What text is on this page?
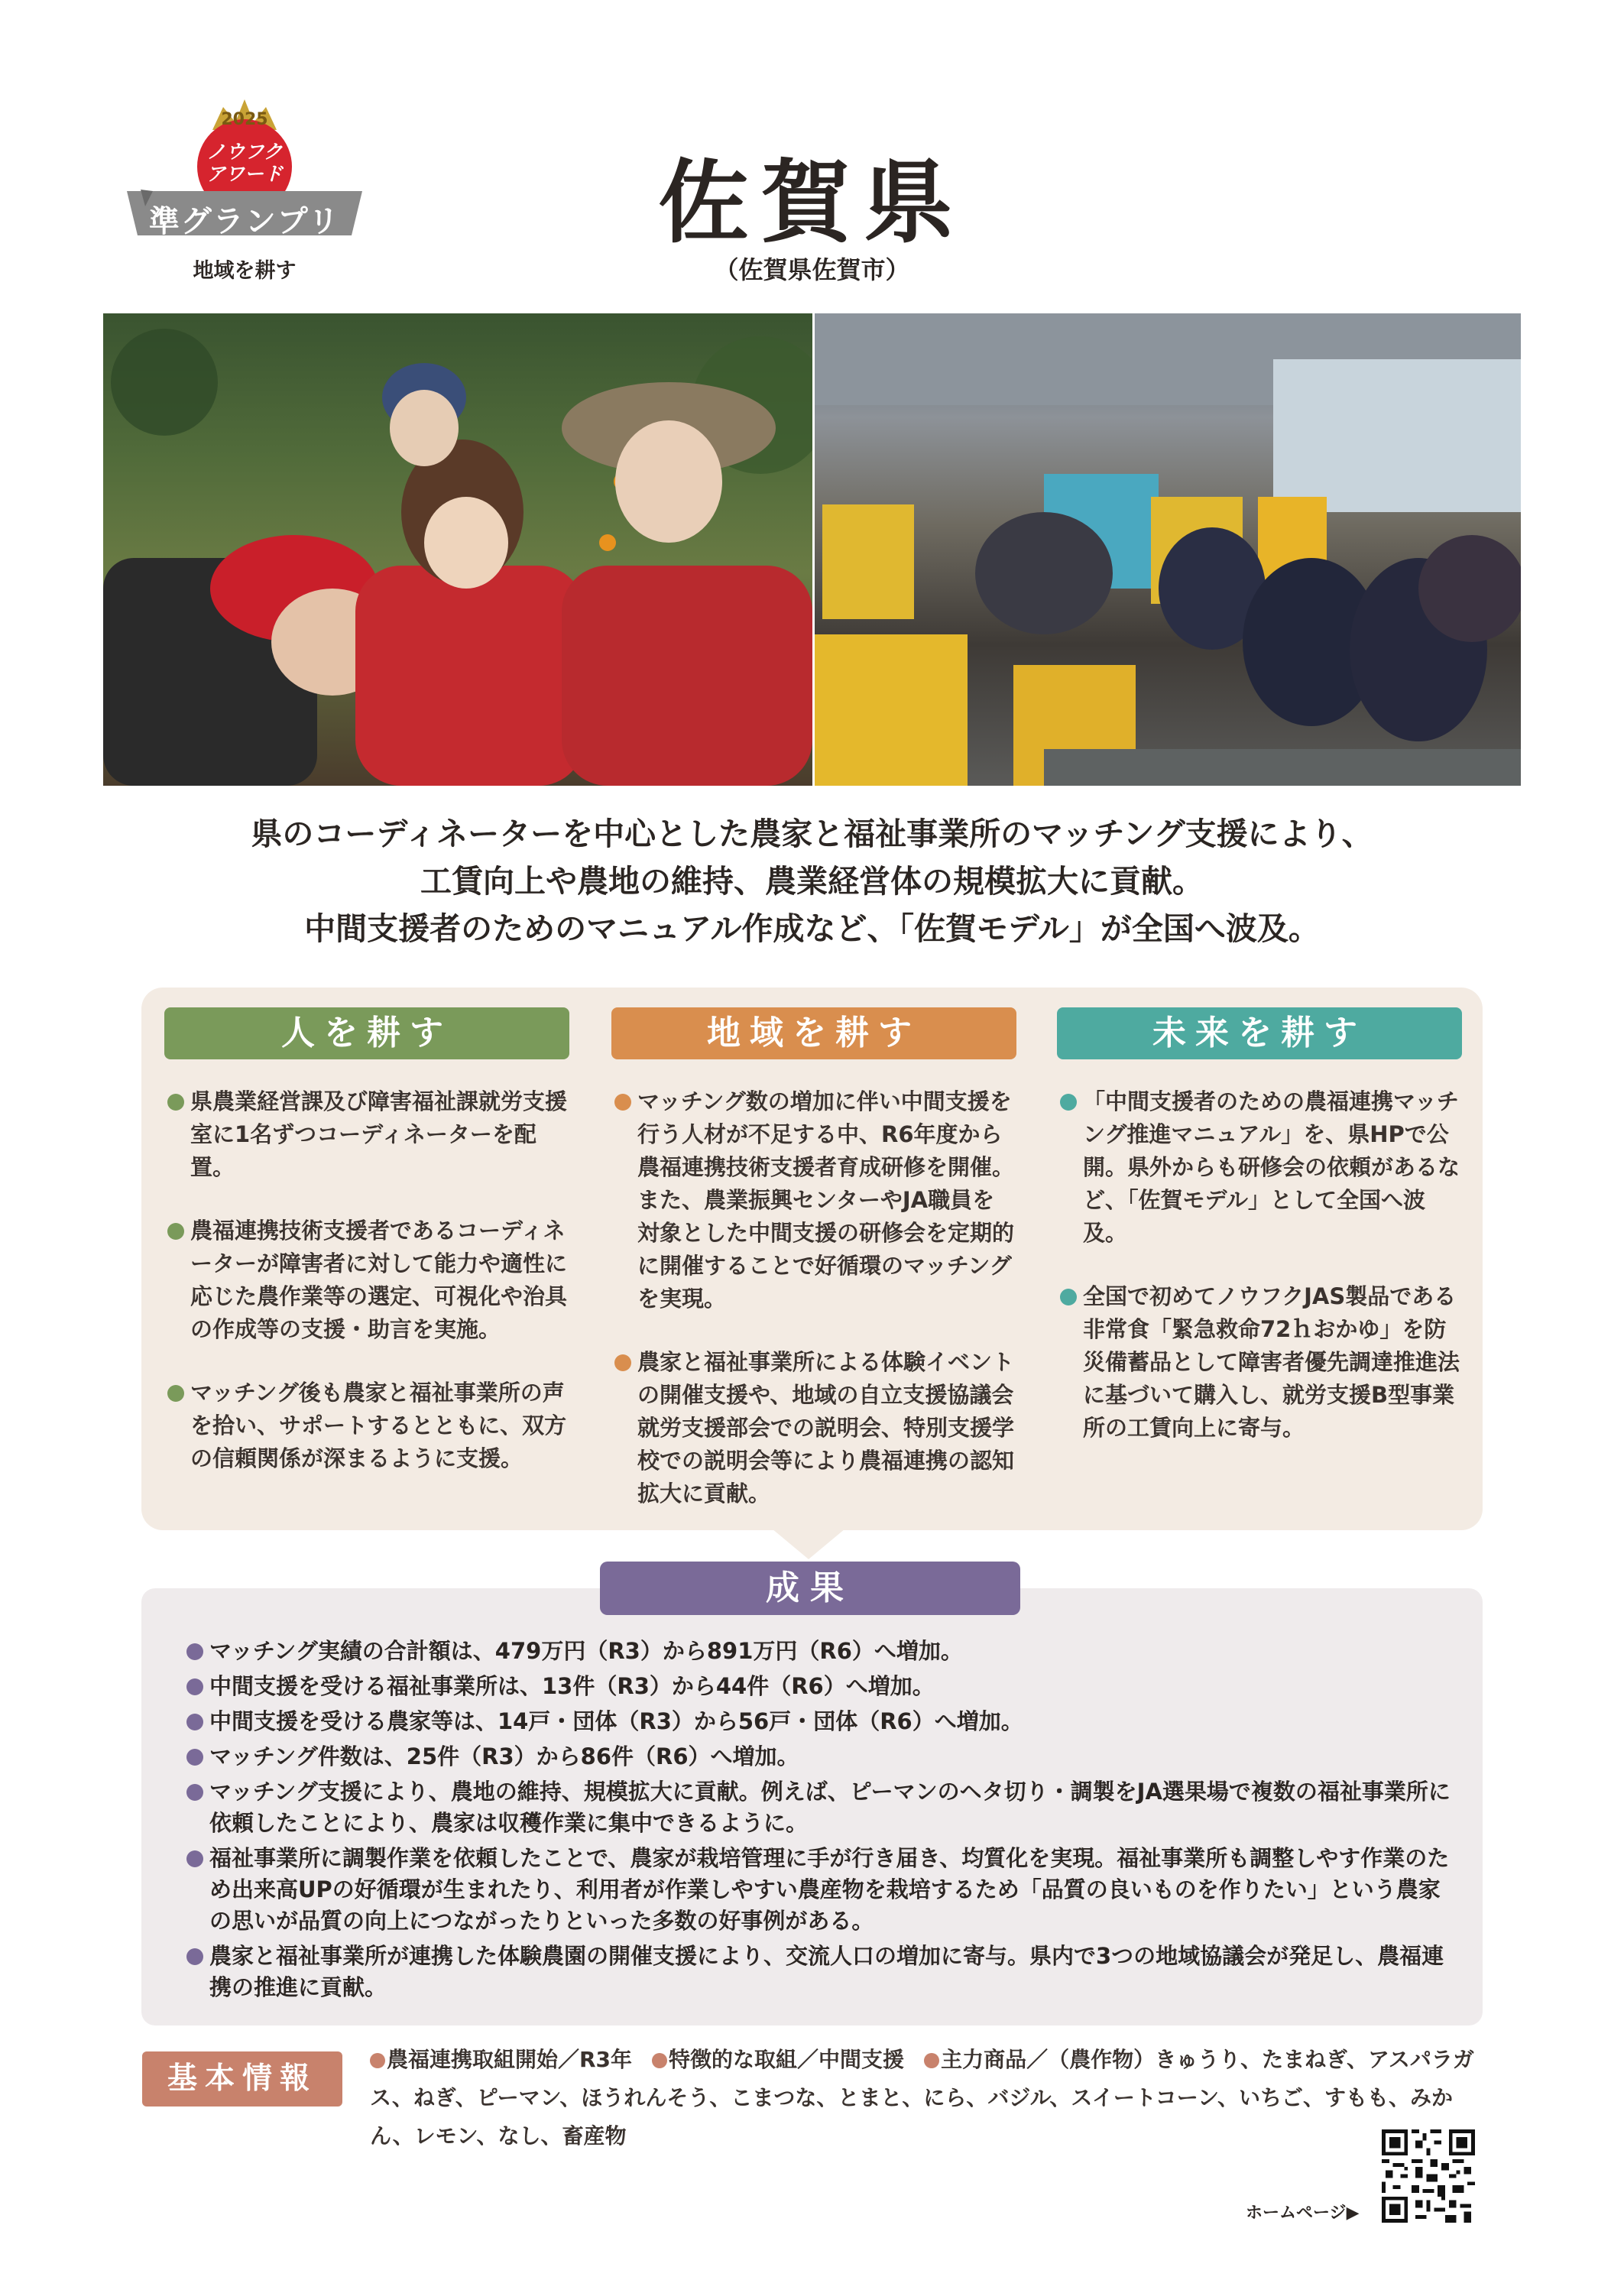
2025
ノウフク
アワード
準グランプリ
地域を耕す
佐賀県
（佐賀県佐賀市）
県のコーディネーターを中心とした農家と福祉事業所のマッチング支援により、
工賃向上や農地の維持、農業経営体の規模拡大に貢献。
中間支援者のためのマニュアル作成など、「佐賀モデル」が全国へ波及。
人を耕す
県農業経営課及び障害福祉課就労支援室に1名ずつコーディネーターを配置。
農福連携技術支援者であるコーディネーターが障害者に対して能力や適性に応じた農作業等の選定、可視化や治具の作成等の支援・助言を実施。
マッチング後も農家と福祉事業所の声を拾い、サポートするとともに、双方の信頼関係が深まるように支援。
地域を耕す
マッチング数の増加に伴い中間支援を行う人材が不足する中、R6年度から農福連携技術支援者育成研修を開催。また、農業振興センターやJA職員を対象とした中間支援の研修会を定期的に開催することで好循環のマッチングを実現。
農家と福祉事業所による体験イベントの開催支援や、地域の自立支援協議会就労支援部会での説明会、特別支援学校での説明会等により農福連携の認知拡大に貢献。
未来を耕す
「中間支援者のための農福連携マッチング推進マニュアル」を、県HPで公開。県外からも研修会の依頼があるなど、「佐賀モデル」として全国へ波及。
全国で初めてノウフクJAS製品である非常食「緊急救命72ｈおかゆ」を防災備蓄品として障害者優先調達推進法に基づいて購入し、就労支援B型事業所の工賃向上に寄与。
成果
マッチング実績の合計額は、479万円（R3）から891万円（R6）へ増加。
中間支援を受ける福祉事業所は、13件（R3）から44件（R6）へ増加。
中間支援を受ける農家等は、14戸・団体（R3）から56戸・団体（R6）へ増加。
マッチング件数は、25件（R3）から86件（R6）へ増加。
マッチング支援により、農地の維持、規模拡大に貢献。例えば、ピーマンのヘタ切り・調製をJA選果場で複数の福祉事業所に依頼したことにより、農家は収穫作業に集中できるように。
福祉事業所に調製作業を依頼したことで、農家が栽培管理に手が行き届き、均質化を実現。福祉事業所も調整しやす作業のため出来高UPの好循環が生まれたり、利用者が作業しやすい農産物を栽培するため「品質の良いものを作りたい」という農家の思いが品質の向上につながったりといった多数の好事例がある。
農家と福祉事業所が連携した体験農園の開催支援により、交流人口の増加に寄与。県内で3つの地域協議会が発足し、農福連携の推進に貢献。
基本情報
農福連携取組開始／R3年 特徴的な取組／中間支援 主力商品／（農作物）きゅうり、たまねぎ、アスパラガス、ねぎ、ピーマン、ほうれんそう、こまつな、とまと、にら、バジル、スイートコーン、いちご、すもも、みかん、レモン、なし、畜産物
ホームページ▶
